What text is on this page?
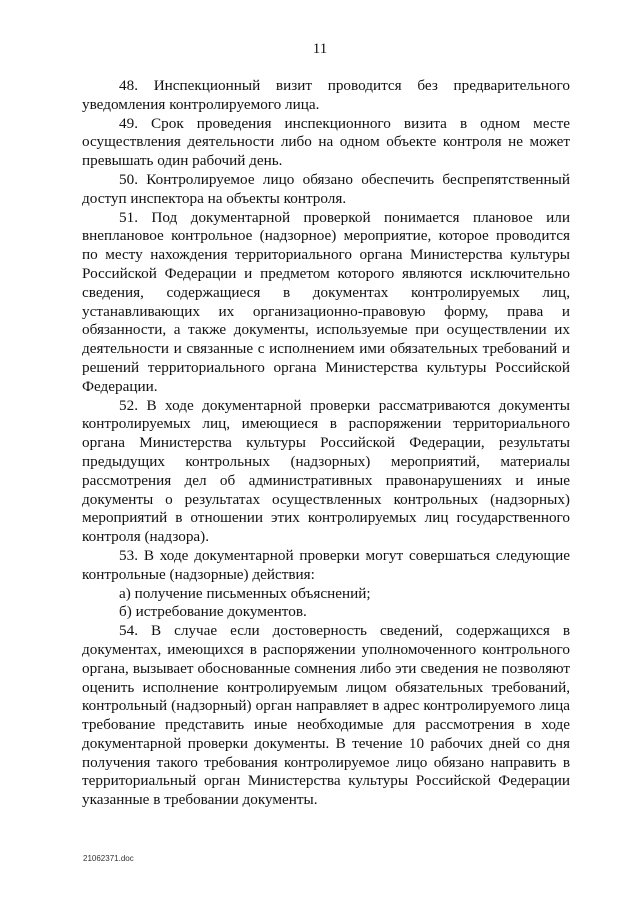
11

48. Инспекционный визит проводится без предварительного уведомления контролируемого лица.

49. Срок проведения инспекционного визита в одном месте осуществления деятельности либо на одном объекте контроля не может превышать один рабочий день.

50. Контролируемое лицо обязано обеспечить беспрепятственный доступ инспектора на объекты контроля.

51. Под документарной проверкой понимается плановое или внеплановое контрольное (надзорное) мероприятие, которое проводится по месту нахождения территориального органа Министерства культуры Российской Федерации и предметом которого являются исключительно сведения, содержащиеся в документах контролируемых лиц, устанавливающих их организационно-правовую форму, права и обязанности, а также документы, используемые при осуществлении их деятельности и связанные с исполнением ими обязательных требований и решений территориального органа Министерства культуры Российской Федерации.

52. В ходе документарной проверки рассматриваются документы контролируемых лиц, имеющиеся в распоряжении территориального органа Министерства культуры Российской Федерации, результаты предыдущих контрольных (надзорных) мероприятий, материалы рассмотрения дел об административных правонарушениях и иные документы о результатах осуществленных контрольных (надзорных) мероприятий в отношении этих контролируемых лиц государственного контроля (надзора).

53. В ходе документарной проверки могут совершаться следующие контрольные (надзорные) действия:

а) получение письменных объяснений;

б) истребование документов.

54. В случае если достоверность сведений, содержащихся в документах, имеющихся в распоряжении уполномоченного контрольного органа, вызывает обоснованные сомнения либо эти сведения не позволяют оценить исполнение контролируемым лицом обязательных требований, контрольный (надзорный) орган направляет в адрес контролируемого лица требование представить иные необходимые для рассмотрения в ходе документарной проверки документы. В течение 10 рабочих дней со дня получения такого требования контролируемое лицо обязано направить в территориальный орган Министерства культуры Российской Федерации указанные в требовании документы.

21062371.doc
